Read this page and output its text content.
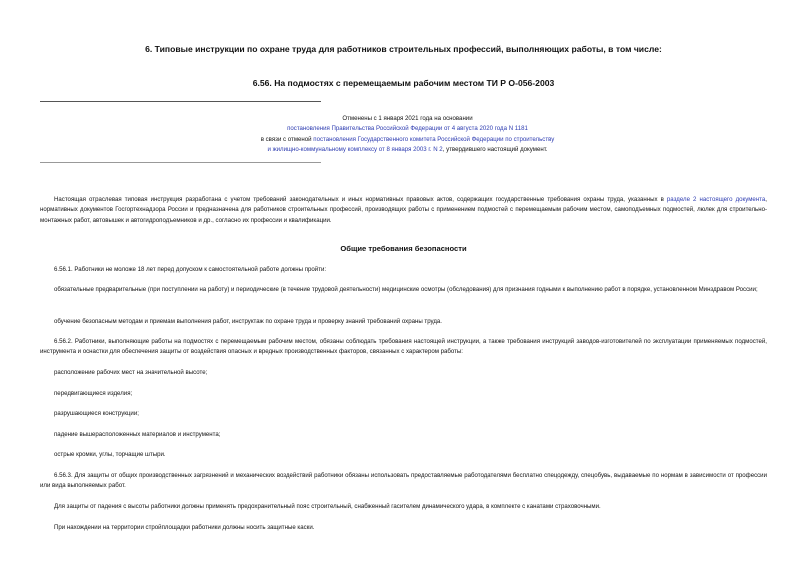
6. Типовые инструкции по охране труда для работников строительных профессий, выполняющих работы, в том числе:
6.56. На подмостях с перемещаемым рабочим местом ТИ Р О-056-2003

Отменены с 1 января 2021 года на основании

постановления Правительства Российской Федерации от 4 августа 2020 года N 1181

в связи с отменой постановления Государственного комитета Российской Федерации по строительству

и жилищно-коммунальному комплексу от 8 января 2003 г. N 2, утвердившего настоящий документ.

Настоящая отраслевая типовая инструкция разработана с учетом требований законодательных и иных нормативных правовых актов, содержащих государственные требования охраны труда, указанных в разделе 2 настоящего документа, нормативных документов Госгортехнадзора России и предназначена для работников строительных профессий, производящих работы с применением подмостей с перемещаемым рабочим местом, самоподъемных подмостей, люлек для строительно-монтажных работ, автовышек и автогидроподъемников и др., согласно их профессии и квалификации.
Общие требования безопасности
6.56.1. Работники не моложе 18 лет перед допуском к самостоятельной работе должны пройти:
обязательные предварительные (при поступлении на работу) и периодические (в течение трудовой деятельности) медицинские осмотры (обследования) для признания годными к выполнению работ в порядке, установленном Минздравом России;
обучение безопасным методам и приемам выполнения работ, инструктаж по охране труда и проверку знаний требований охраны труда.
6.56.2. Работники, выполняющие работы на подмостях с перемещаемым рабочим местом, обязаны соблюдать требования настоящей инструкции, а также требования инструкций заводов-изготовителей по эксплуатации применяемых подмостей, инструмента и оснастки для обеспечения защиты от воздействия опасных и вредных производственных факторов, связанных с характером работы:
расположение рабочих мест на значительной высоте;
передвигающиеся изделия;
разрушающиеся конструкции;
падение вышерасположенных материалов и инструмента;
острые кромки, углы, торчащие штыри.
6.56.3. Для защиты от общих производственных загрязнений и механических воздействий работники обязаны использовать предоставляемые работодателями бесплатно спецодежду, спецобувь, выдаваемые по нормам в зависимости от профессии или вида выполняемых работ.
Для защиты от падения с высоты работники должны применять предохранительный пояс строительный, снабженный гасителем динамического удара, в комплекте с канатами страховочными.
При нахождении на территории стройплощадки работники должны носить защитные каски.
